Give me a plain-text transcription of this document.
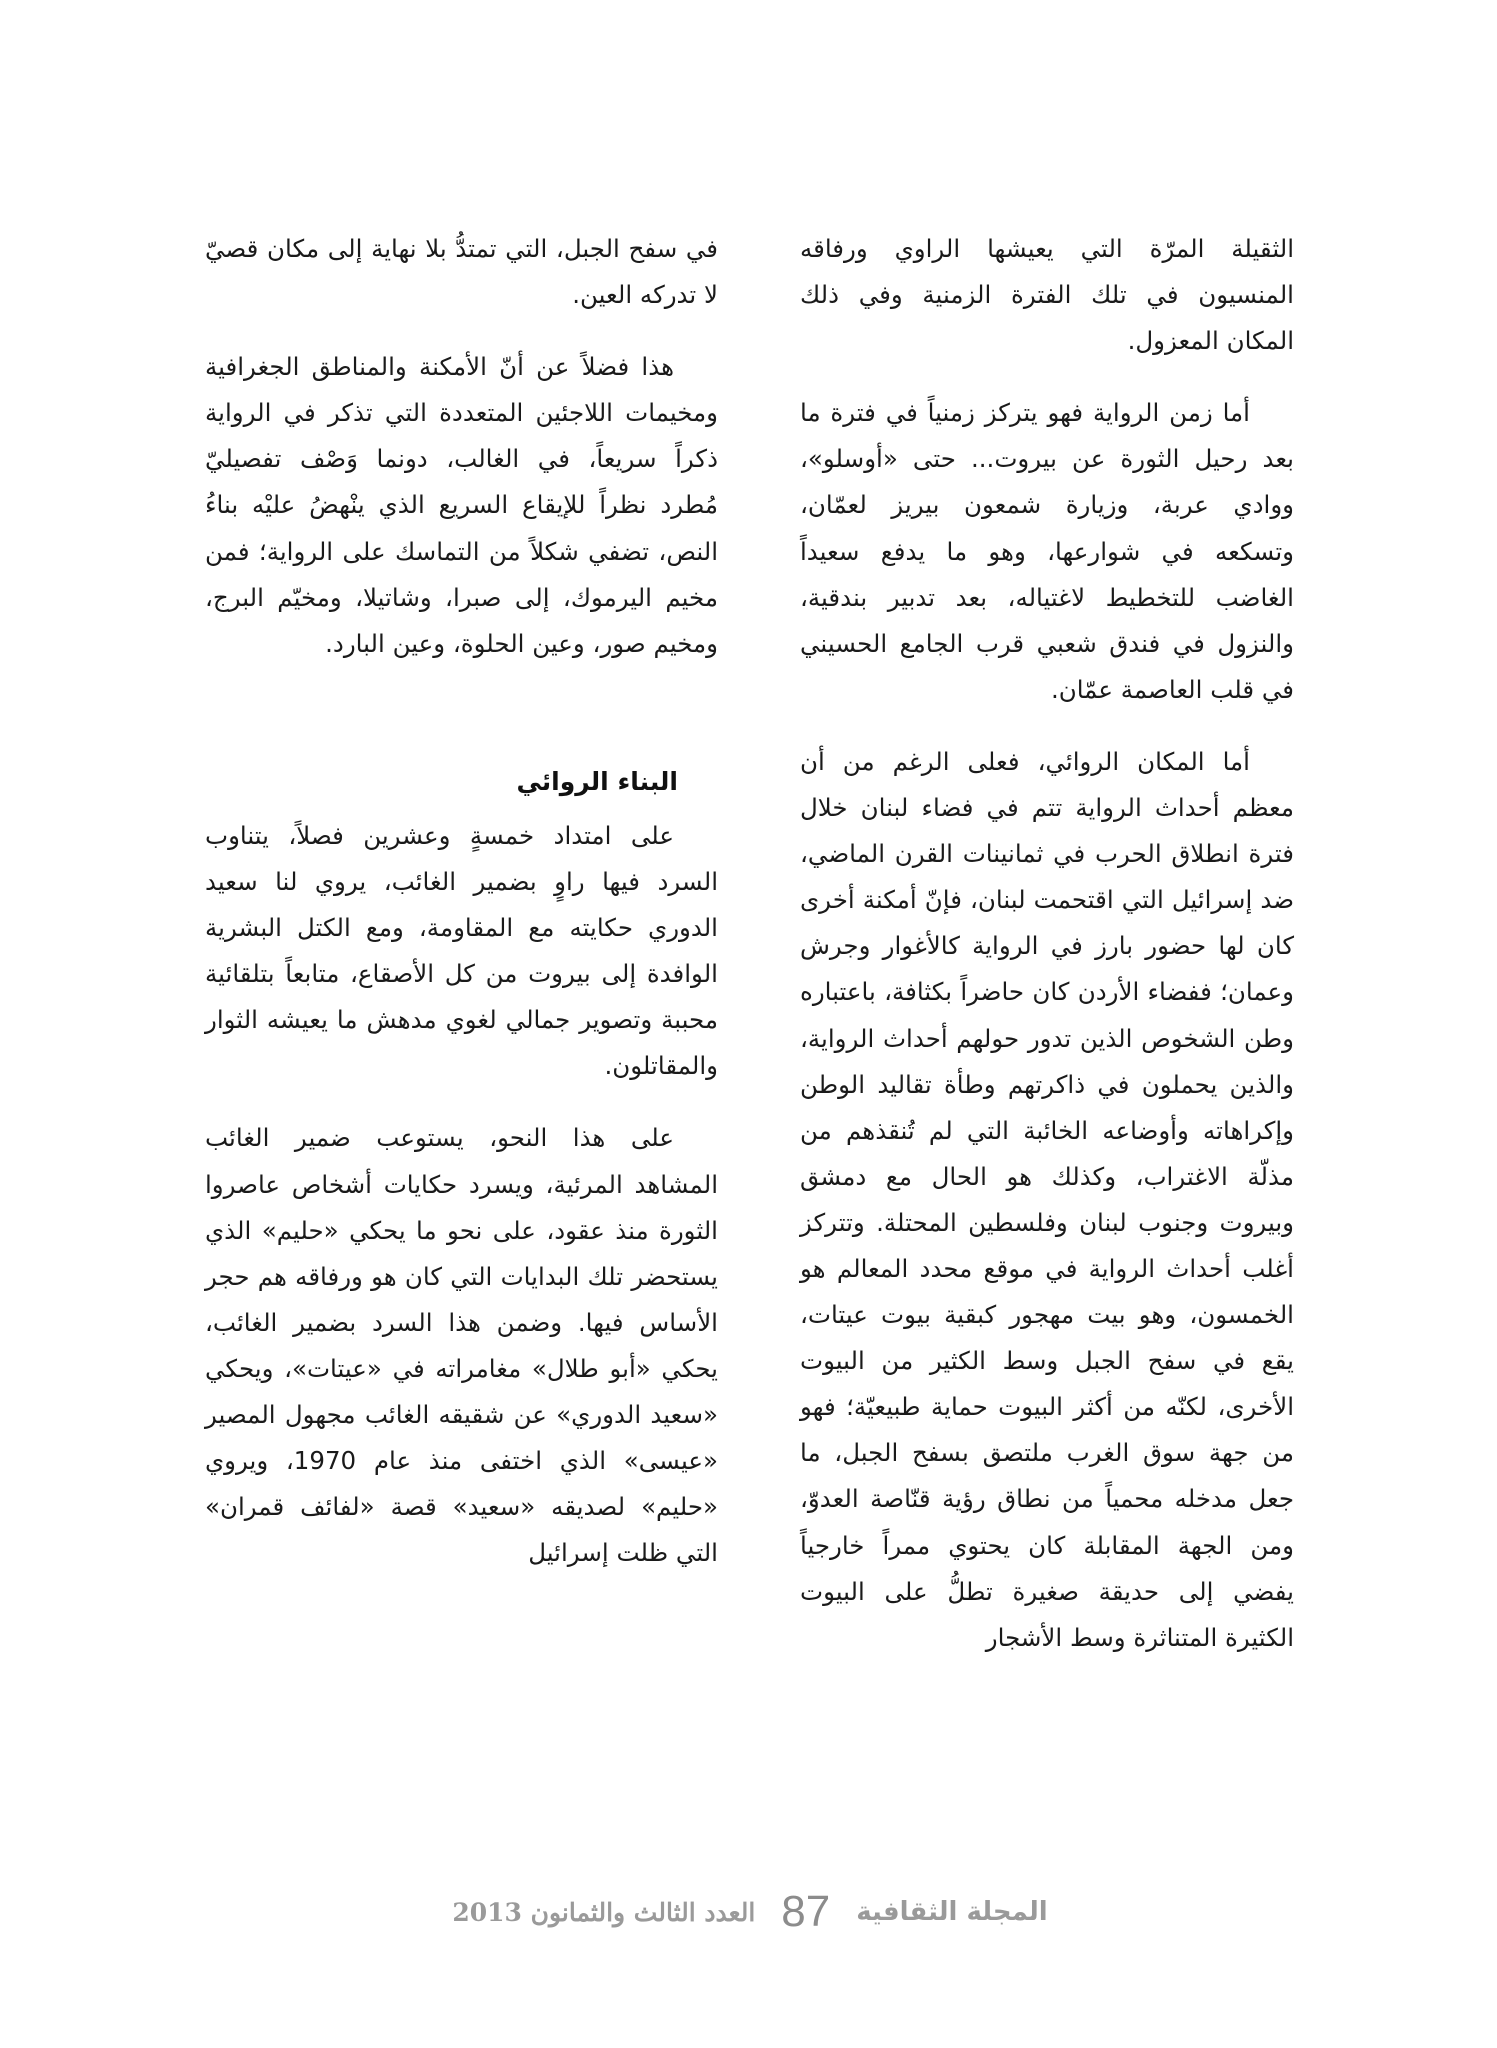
الثقيلة المرّة التي يعيشها الراوي ورفاقه المنسيون في تلك الفترة الزمنية وفي ذلك المكان المعزول.

أما زمن الرواية فهو يتركز زمنياً في فترة ما بعد رحيل الثورة عن بيروت... حتى «أوسلو»، ووادي عربة، وزيارة شمعون بيريز لعمّان، وتسكعه في شوارعها، وهو ما يدفع سعيداً الغاضب للتخطيط لاغتياله، بعد تدبير بندقية، والنزول في فندق شعبي قرب الجامع الحسيني في قلب العاصمة عمّان.

أما المكان الروائي، فعلى الرغم من أن معظم أحداث الرواية تتم في فضاء لبنان خلال فترة انطلاق الحرب في ثمانينات القرن الماضي، ضد إسرائيل التي اقتحمت لبنان، فإنّ أمكنة أخرى كان لها حضور بارز في الرواية كالأغوار وجرش وعمان؛ ففضاء الأردن كان حاضراً بكثافة، باعتباره وطن الشخوص الذين تدور حولهم أحداث الرواية، والذين يحملون في ذاكرتهم وطأة تقاليد الوطن وإكراهاته وأوضاعه الخائبة التي لم تُنقذهم من مذلّة الاغتراب، وكذلك هو الحال مع دمشق وبيروت وجنوب لبنان وفلسطين المحتلة. وتتركز أغلب أحداث الرواية في موقع محدد المعالم هو الخمسون، وهو بيت مهجور كبقية بيوت عيتات، يقع في سفح الجبل وسط الكثير من البيوت الأخرى، لكنّه من أكثر البيوت حماية طبيعيّة؛ فهو من جهة سوق الغرب ملتصق بسفح الجبل، ما جعل مدخله محمياً من نطاق رؤية قنّاصة العدوّ، ومن الجهة المقابلة كان يحتوي ممراً خارجياً يفضي إلى حديقة صغيرة تطلُّ على البيوت الكثيرة المتناثرة وسط الأشجار

في سفح الجبل، التي تمتدُّ بلا نهاية إلى مكان قصيّ لا تدركه العين.

هذا فضلاً عن أنّ الأمكنة والمناطق الجغرافية ومخيمات اللاجئين المتعددة التي تذكر في الرواية ذكراً سريعاً، في الغالب، دونما وَصْف تفصيليّ مُطرد نظراً للإيقاع السريع الذي ينْهضُ عليْه بناءُ النص، تضفي شكلاً من التماسك على الرواية؛ فمن مخيم اليرموك، إلى صبرا، وشاتيلا، ومخيّم البرج، ومخيم صور، وعين الحلوة، وعين البارد.

البناء الروائي

على امتداد خمسةٍ وعشرين فصلاً، يتناوب السرد فيها راوٍ بضمير الغائب، يروي لنا سعيد الدوري حكايته مع المقاومة، ومع الكتل البشرية الوافدة إلى بيروت من كل الأصقاع، متابعاً بتلقائية محببة وتصوير جمالي لغوي مدهش ما يعيشه الثوار والمقاتلون.

على هذا النحو، يستوعب ضمير الغائب المشاهد المرئية، ويسرد حكايات أشخاص عاصروا الثورة منذ عقود، على نحو ما يحكي «حليم» الذي يستحضر تلك البدايات التي كان هو ورفاقه هم حجر الأساس فيها. وضمن هذا السرد بضمير الغائب، يحكي «أبو طلال» مغامراته في «عيتات»، ويحكي «سعيد الدوري» عن شقيقه الغائب مجهول المصير «عيسى» الذي اختفى منذ عام 1970، ويروي «حليم» لصديقه «سعيد» قصة «لفائف قمران» التي ظلت إسرائيل

المجلة الثقافية
87
العدد الثالث والثمانون 2013
